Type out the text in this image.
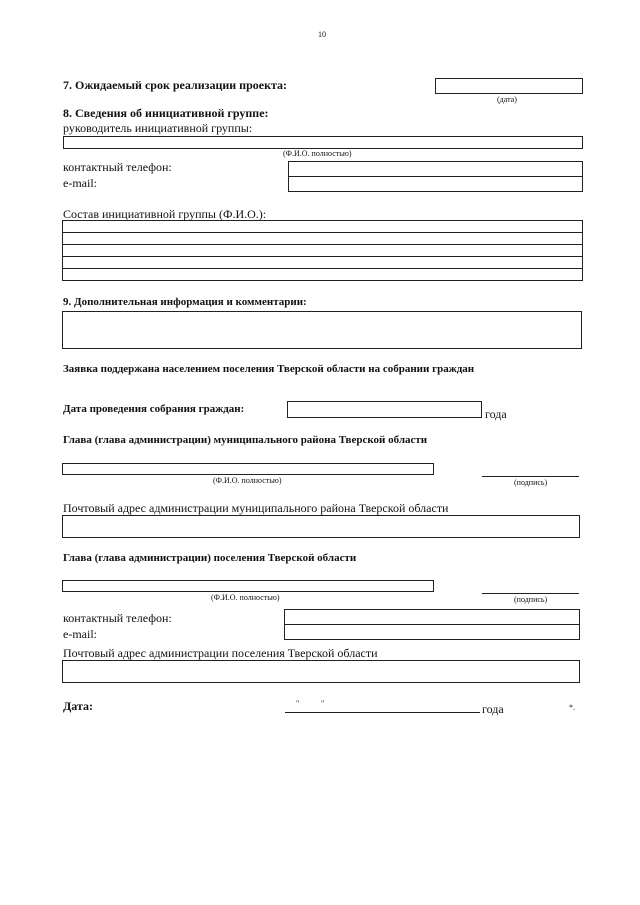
10
7. Ожидаемый срок реализации проекта:
(дата)
8. Сведения об инициативной группе:
руководитель инициативной группы:
(Ф.И.О. полностью)
контактный телефон:
e-mail:
Состав инициативной группы (Ф.И.О.):
9. Дополнительная информация и комментарии:
Заявка поддержана населением поселения Тверской области на собрании граждан
Дата проведения собрания граждан:	года
Глава (глава администрации) муниципального района Тверской области
(Ф.И.О. полностью)	(подпись)
Почтовый адрес администрации муниципального района Тверской области
Глава (глава администрации) поселения Тверской области
(Ф.И.О. полностью)	(подпись)
контактный телефон:
e-mail:
Почтовый адрес администрации поселения Тверской области
Дата:	"	"	года	*.
